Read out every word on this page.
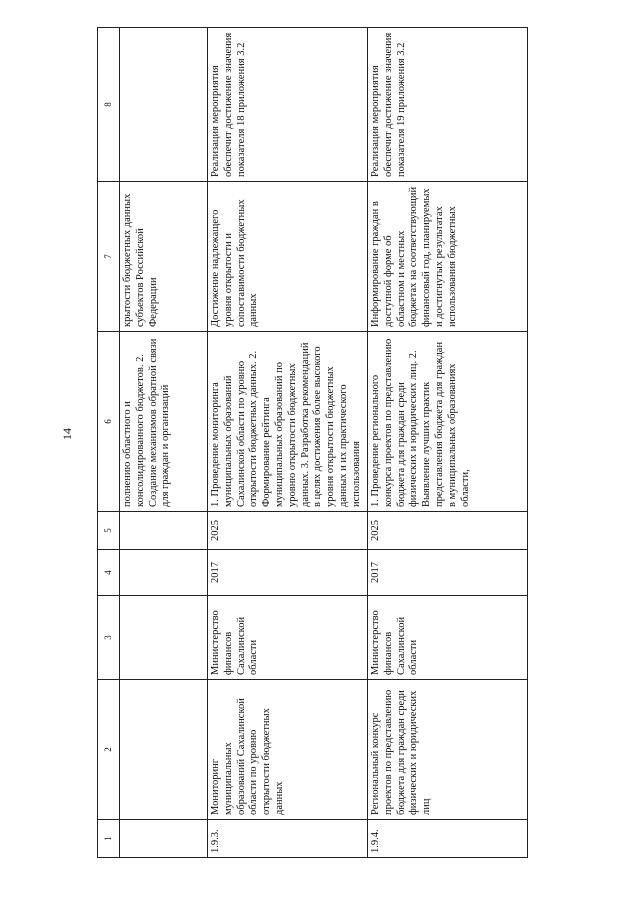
14
1	2	3	4	5	6	7	8
					полнению областного и консолидированного бюджетов. 2. Создание механизмов обратной связи для граждан и организаций	крытости бюджетных данных субъектов Российской Федерации	
1.9.3.	Мониторинг муниципальных образований Сахалинской области по уровню открытости бюджетных данных	Министерство финансов Сахалинской области	2017	2025	1. Проведение мониторинга муниципальных образований Сахалинской области по уровню открытости бюджетных данных. 2. Формирование рейтинга муниципальных образований по уровню открытости бюджетных данных. 3. Разработка рекомендаций в целях достижения более высокого уровня открытости бюджетных данных и их практического использования	Достижение надлежащего уровня открытости и сопоставимости бюджетных данных	Реализация мероприятия обеспечит достижение значения показателя 18 приложения 3.2
1.9.4.	Региональный конкурс проектов по представлению бюджета для граждан среди физических и юридических лиц	Министерство финансов Сахалинской области	2017	2025	1. Проведение регионального конкурса проектов по представлению бюджета для граждан среди физических и юридических лиц. 2. Выявление лучших практик представления бюджета для граждан в муниципальных образованиях области,	Информирование граждан в доступной форме об областном и местных бюджетах на соответствующий финансовый год, планируемых и достигнутых результатах использования бюджетных	Реализация мероприятия обеспечит достижение значения показателя 19 приложения 3.2
